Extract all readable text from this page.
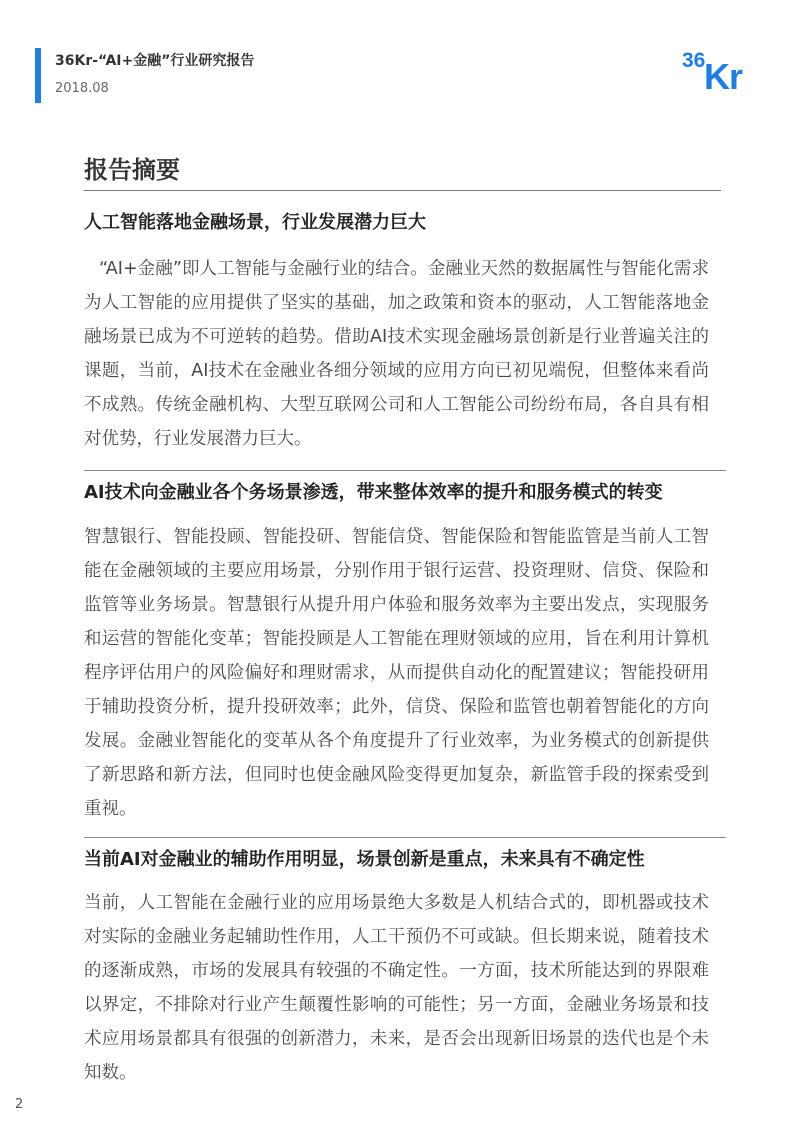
36Kr-“AI+金融”行业研究报告
2018.08
36
Kr
报告摘要
人工智能落地金融场景，行业发展潜力巨大
“AI+金融”即人工智能与金融行业的结合。金融业天然的数据属性与智能化需求为人工智能的应用提供了坚实的基础，加之政策和资本的驱动，人工智能落地金融场景已成为不可逆转的趋势。借助AI技术实现金融场景创新是行业普遍关注的课题，当前，AI技术在金融业各细分领域的应用方向已初见端倪，但整体来看尚不成熟。传统金融机构、大型互联网公司和人工智能公司纷纷布局，各自具有相对优势，行业发展潜力巨大。
AI技术向金融业各个务场景渗透，带来整体效率的提升和服务模式的转变
智慧银行、智能投顾、智能投研、智能信贷、智能保险和智能监管是当前人工智能在金融领域的主要应用场景，分别作用于银行运营、投资理财、信贷、保险和监管等业务场景。智慧银行从提升用户体验和服务效率为主要出发点，实现服务和运营的智能化变革；智能投顾是人工智能在理财领域的应用，旨在利用计算机程序评估用户的风险偏好和理财需求，从而提供自动化的配置建议；智能投研用于辅助投资分析，提升投研效率；此外，信贷、保险和监管也朝着智能化的方向发展。金融业智能化的变革从各个角度提升了行业效率，为业务模式的创新提供了新思路和新方法，但同时也使金融风险变得更加复杂，新监管手段的探索受到重视。
当前AI对金融业的辅助作用明显，场景创新是重点，未来具有不确定性
当前，人工智能在金融行业的应用场景绝大多数是人机结合式的，即机器或技术对实际的金融业务起辅助性作用，人工干预仍不可或缺。但长期来说，随着技术的逐渐成熟，市场的发展具有较强的不确定性。一方面，技术所能达到的界限难以界定，不排除对行业产生颠覆性影响的可能性；另一方面，金融业务场景和技术应用场景都具有很强的创新潜力，未来，是否会出现新旧场景的迭代也是个未知数。
2
